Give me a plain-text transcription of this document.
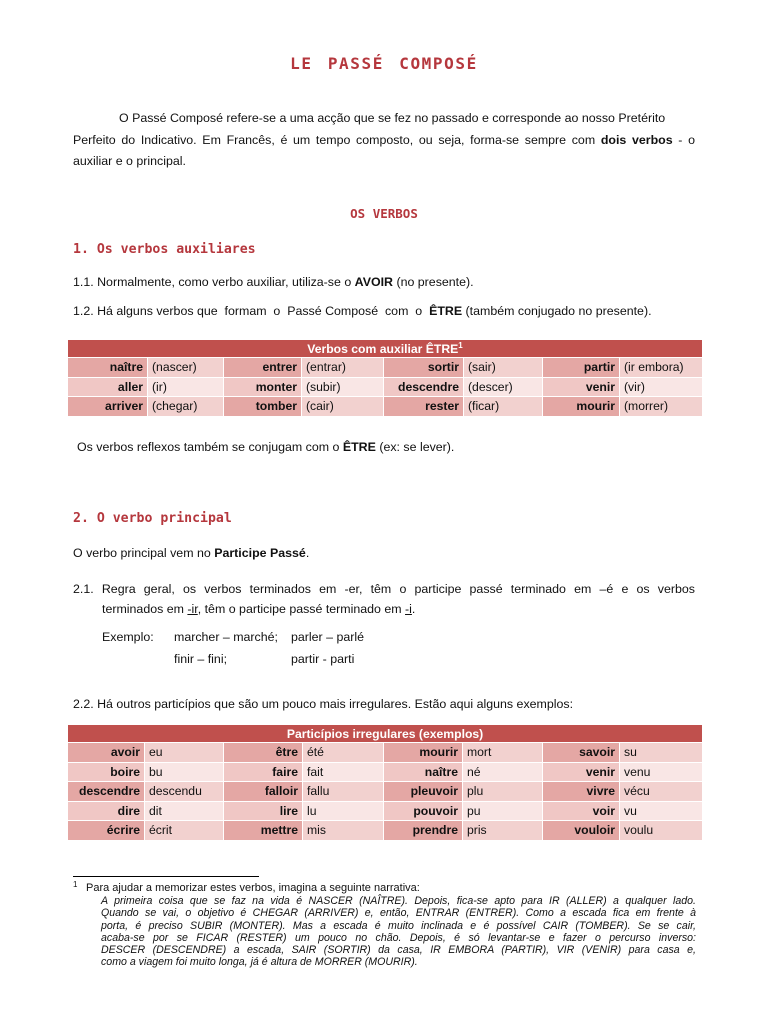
LE PASSÉ COMPOSÉ
O Passé Composé refere-se a uma acção que se fez no passado e corresponde ao nosso Pretérito
Perfeito do Indicativo. Em Francês, é um tempo composto, ou seja, forma-se sempre com dois verbos - o
auxiliar e o principal.
OS VERBOS
1. Os verbos auxiliares
1.1. Normalmente, como verbo auxiliar, utiliza-se o AVOIR (no presente).
1.2. Há alguns verbos que  formam  o  Passé Composé  com  o  ÊTRE (também conjugado no presente).
Verbos com auxiliar ÊTRE$^1$
naître	(nascer)	entrer	(entrar)	sortir	(sair)	partir	(ir embora)
aller	(ir)	monter	(subir)	descendre	(descer)	venir	(vir)
arriver	(chegar)	tomber	(cair)	rester	(ficar)	mourir	(morrer)
Os verbos reflexos também se conjugam com o ÊTRE (ex: se lever).
2. O verbo principal
O verbo principal vem no Participe Passé.
2.1. Regra geral, os verbos terminados em -er, têm o participe passé terminado em –é e os verbos
terminados em -ir, têm o participe passé terminado em -i.
Exemplo: marcher – marché; parler – parlé
finir – fini;	partir - parti
2.2. Há outros particípios que são um pouco mais irregulares. Estão aqui alguns exemplos:
Particípios irregulares (exemplos)							
avoir	eu	être	été	mourir	mort	savoir	su
boire	bu	faire	fait	naître	né	venir	venu
descendre	descendu	falloir	fallu	pleuvoir	plu	vivre	vécu
dire	dit	lire	lu	pouvoir	pu	voir	vu
écrire	écrit	mettre	mis	prendre	pris	vouloir	voulu
1 Para ajudar a memorizar estes verbos, imagina a seguinte narrativa:
A primeira coisa que se faz na vida é NASCER (NAÎTRE). Depois, fica-se apto para IR (ALLER) a qualquer lado.
Quando se vai, o objetivo é CHEGAR (ARRIVER) e, então, ENTRAR (ENTRER). Como a escada fica em frente à
porta, é preciso SUBIR (MONTER). Mas a escada é muito inclinada e é possível CAIR (TOMBER). Se se cair,
acaba-se por se FICAR (RESTER) um pouco no chão. Depois, é só levantar-se e fazer o percurso inverso:
DESCER (DESCENDRE) a escada, SAIR (SORTIR) da casa, IR EMBORA (PARTIR), VIR (VENIR) para casa e,
como a viagem foi muito longa, já é altura de MORRER (MOURIR).
